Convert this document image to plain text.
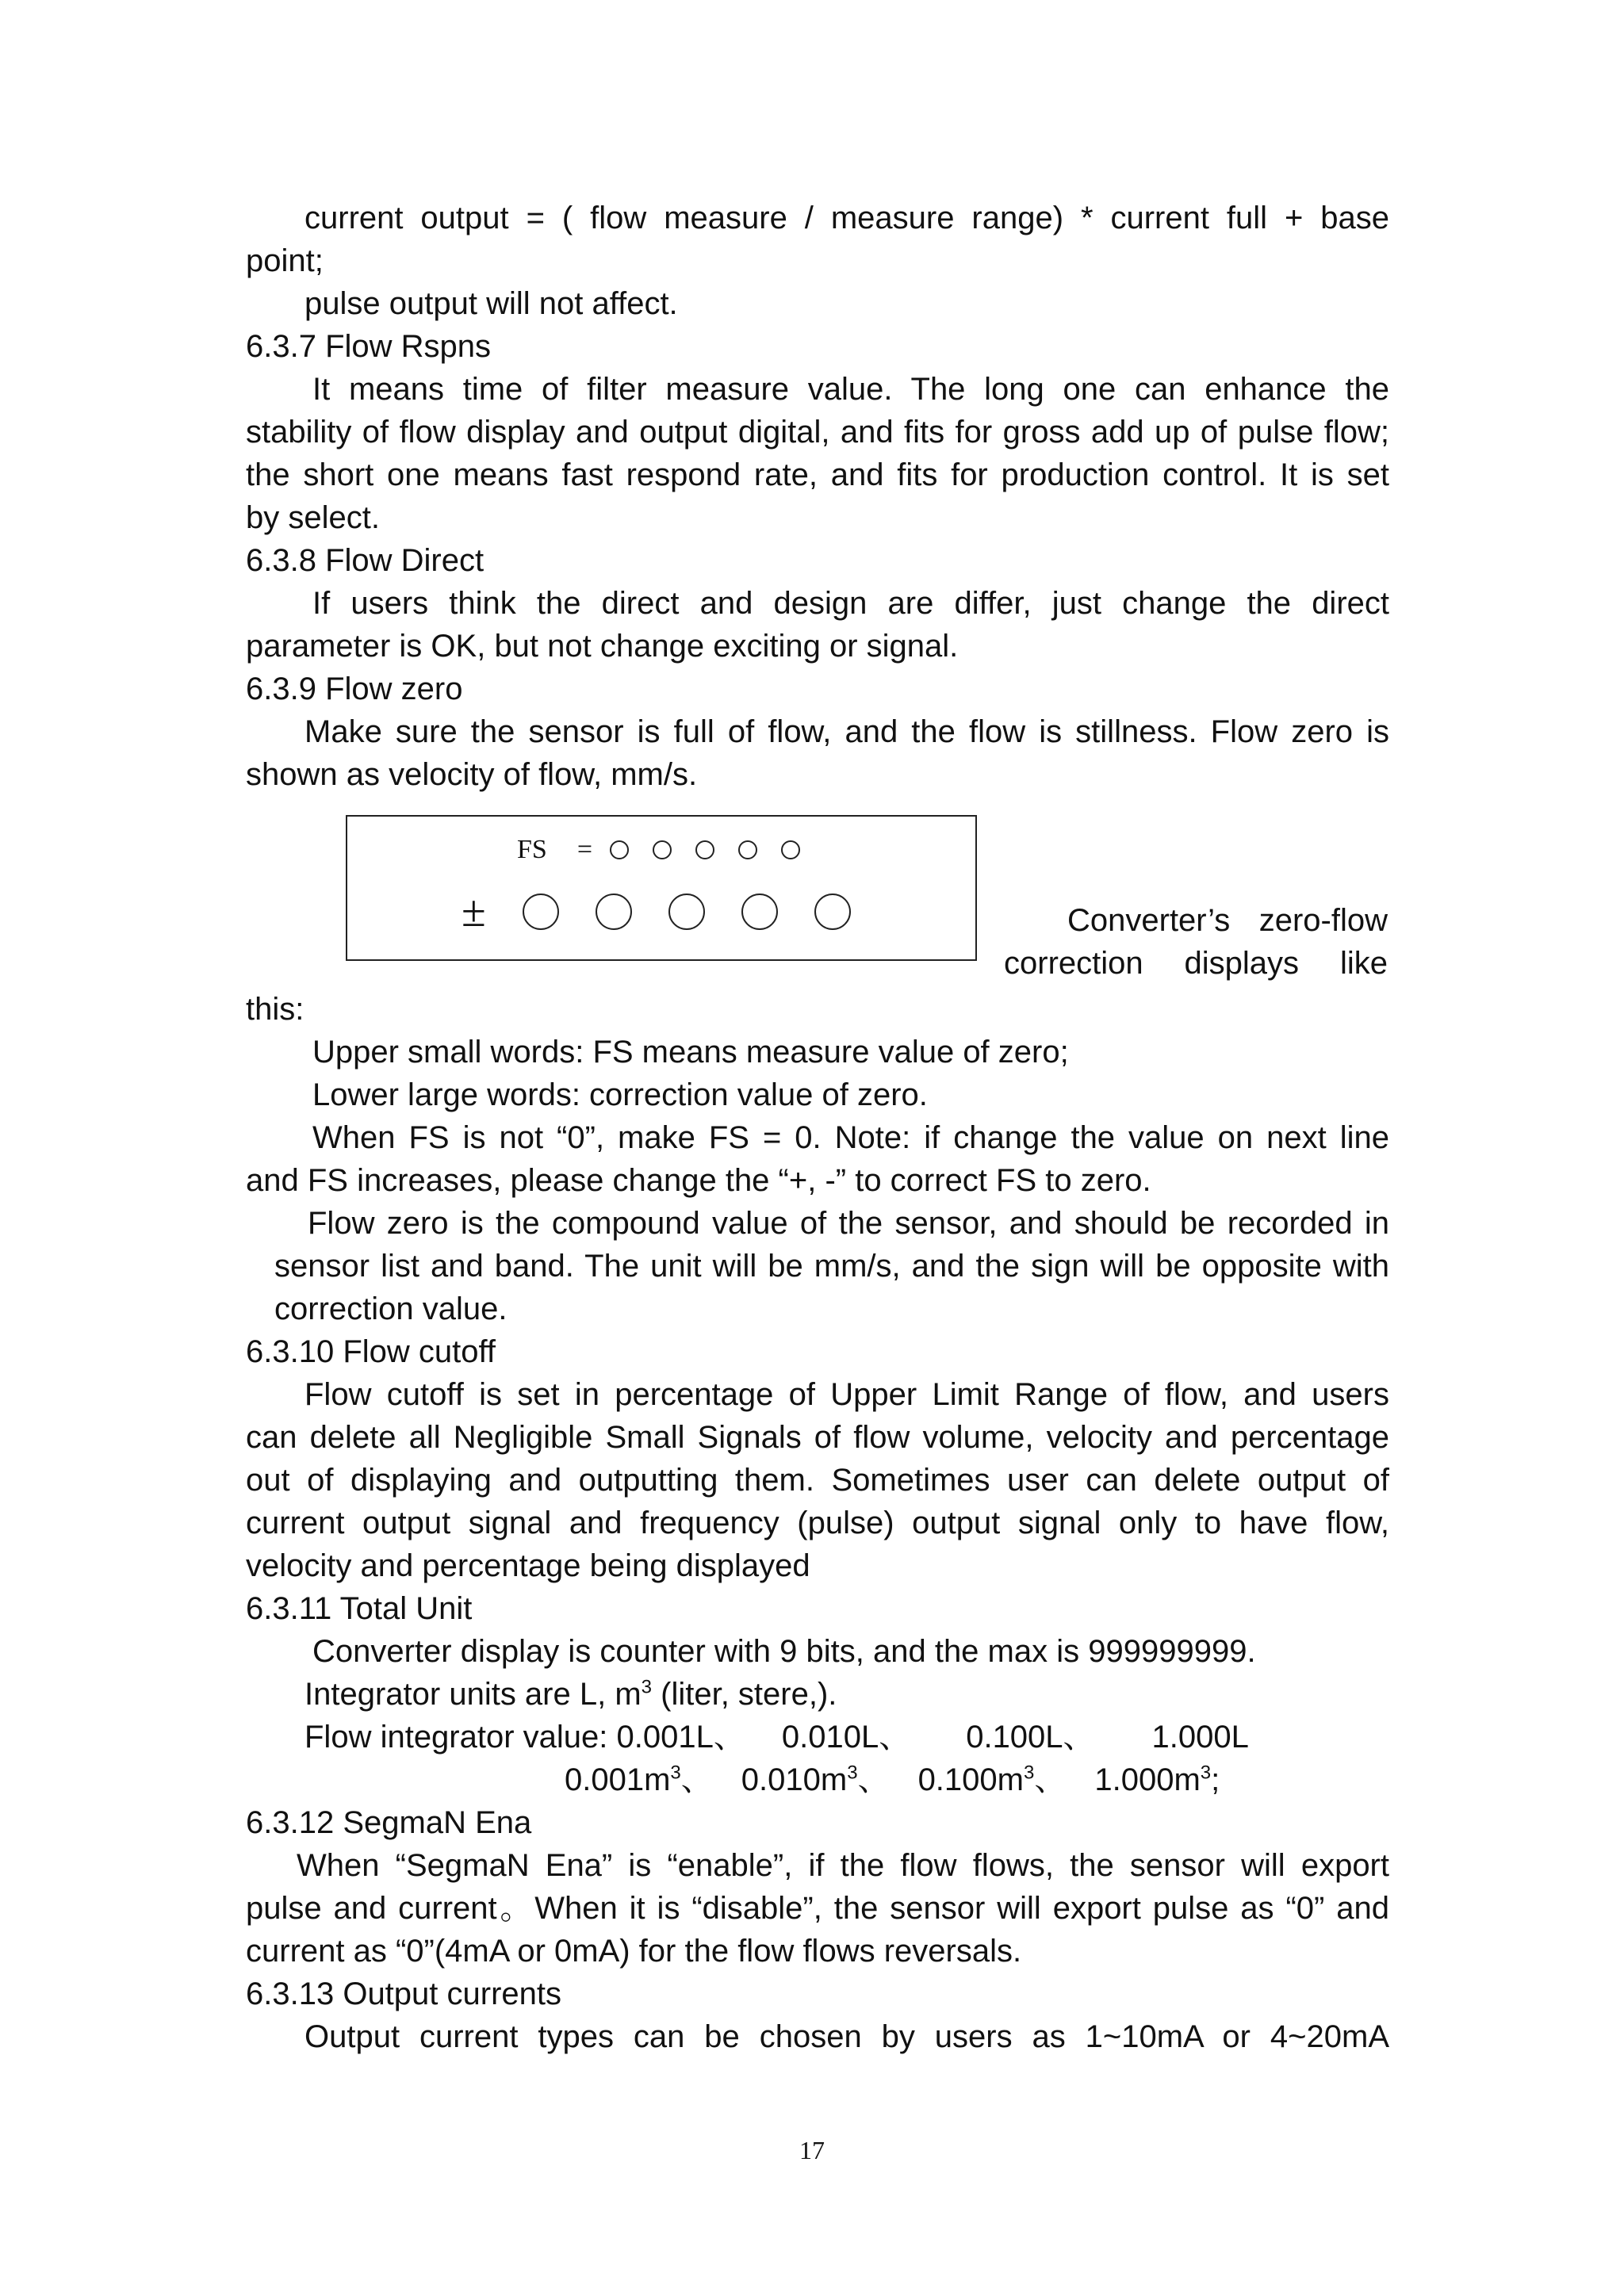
current output = ( flow measure / measure range) * current full + base

point;

pulse output will not affect.

6.3.7 Flow Rspns

It means time of filter measure value. The long one can enhance the

stability of flow display and output digital, and fits for gross add up of pulse flow;

the short one means fast respond rate, and fits for production control. It is set

by select.

6.3.8 Flow Direct

If users think the direct and design are differ, just change the direct

parameter is OK, but not change exciting or signal.

6.3.9 Flow zero

Make sure the sensor is full of flow, and the flow is stillness. Flow zero is

shown as velocity of flow, mm/s.

FS =
±	Converter’s zero-flow
correction displays like

this:

Upper small words: FS means measure value of zero;

Lower large words: correction value of zero.

When FS is not “0”, make FS = 0. Note: if change the value on next line

and FS increases, please change the “+, -” to correct FS to zero.

Flow zero is the compound value of the sensor, and should be recorded in

sensor list and band. The unit will be mm/s, and the sign will be opposite with

correction value.

6.3.10 Flow cutoff

Flow cutoff is set in percentage of Upper Limit Range of flow, and users

can delete all Negligible Small Signals of flow volume, velocity and percentage

out of displaying and outputting them. Sometimes user can delete output of

current output signal and frequency (pulse) output signal only to have flow,

velocity and percentage being displayed

6.3.11 Total Unit

Converter display is counter with 9 bits, and the max is 999999999.

Integrator units are L, $m^3$ (liter, stere,).

Flow integrator value: 0.001L、 0.010L、 0.100L、 1.000L

$0.001m^3$、 $0.010m^3$、 $0.100m^3$、 $1.000m^3$;

6.3.12 SegmaN Ena

When “SegmaN Ena” is “enable”, if the flow flows, the sensor will export

pulse and current。When it is “disable”, the sensor will export pulse as “0” and

current as “0”(4mA or 0mA) for the flow flows reversals.

6.3.13 Output currents

Output current types can be chosen by users as 1~10mA or 4~20mA

17
